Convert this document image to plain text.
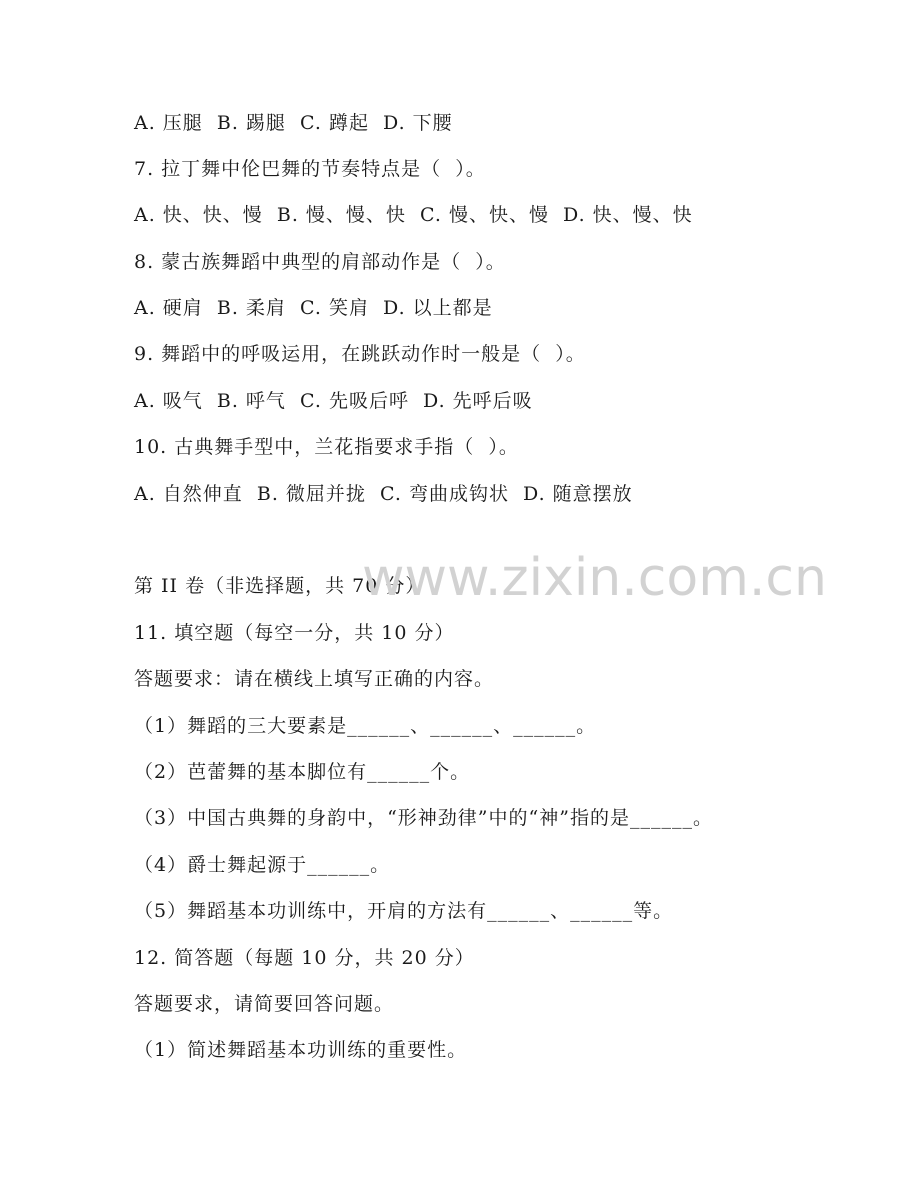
A. 压腿  B. 踢腿  C. 蹲起  D. 下腰
7. 拉丁舞中伦巴舞的节奏特点是（  ）。
A. 快、快、慢  B. 慢、慢、快  C. 慢、快、慢  D. 快、慢、快
8. 蒙古族舞蹈中典型的肩部动作是（  ）。
A. 硬肩  B. 柔肩  C. 笑肩  D. 以上都是
9. 舞蹈中的呼吸运用，在跳跃动作时一般是（  ）。
A. 吸气  B. 呼气  C. 先吸后呼  D. 先呼后吸
10. 古典舞手型中，兰花指要求手指（  ）。
A. 自然伸直  B. 微屈并拢  C. 弯曲成钩状  D. 随意摆放
第 II 卷（非选择题，共 70 分）
11. 填空题（每空一分，共 10 分）
答题要求：请在横线上填写正确的内容。
（1）舞蹈的三大要素是______、______、______。
（2）芭蕾舞的基本脚位有______个。
（3）中国古典舞的身韵中，“形神劲律”中的“神”指的是______。
（4）爵士舞起源于______。
（5）舞蹈基本功训练中，开肩的方法有______、______等。
12. 简答题（每题 10 分，共 20 分）
答题要求，请简要回答问题。
（1）简述舞蹈基本功训练的重要性。
www.zixin.com.cn
